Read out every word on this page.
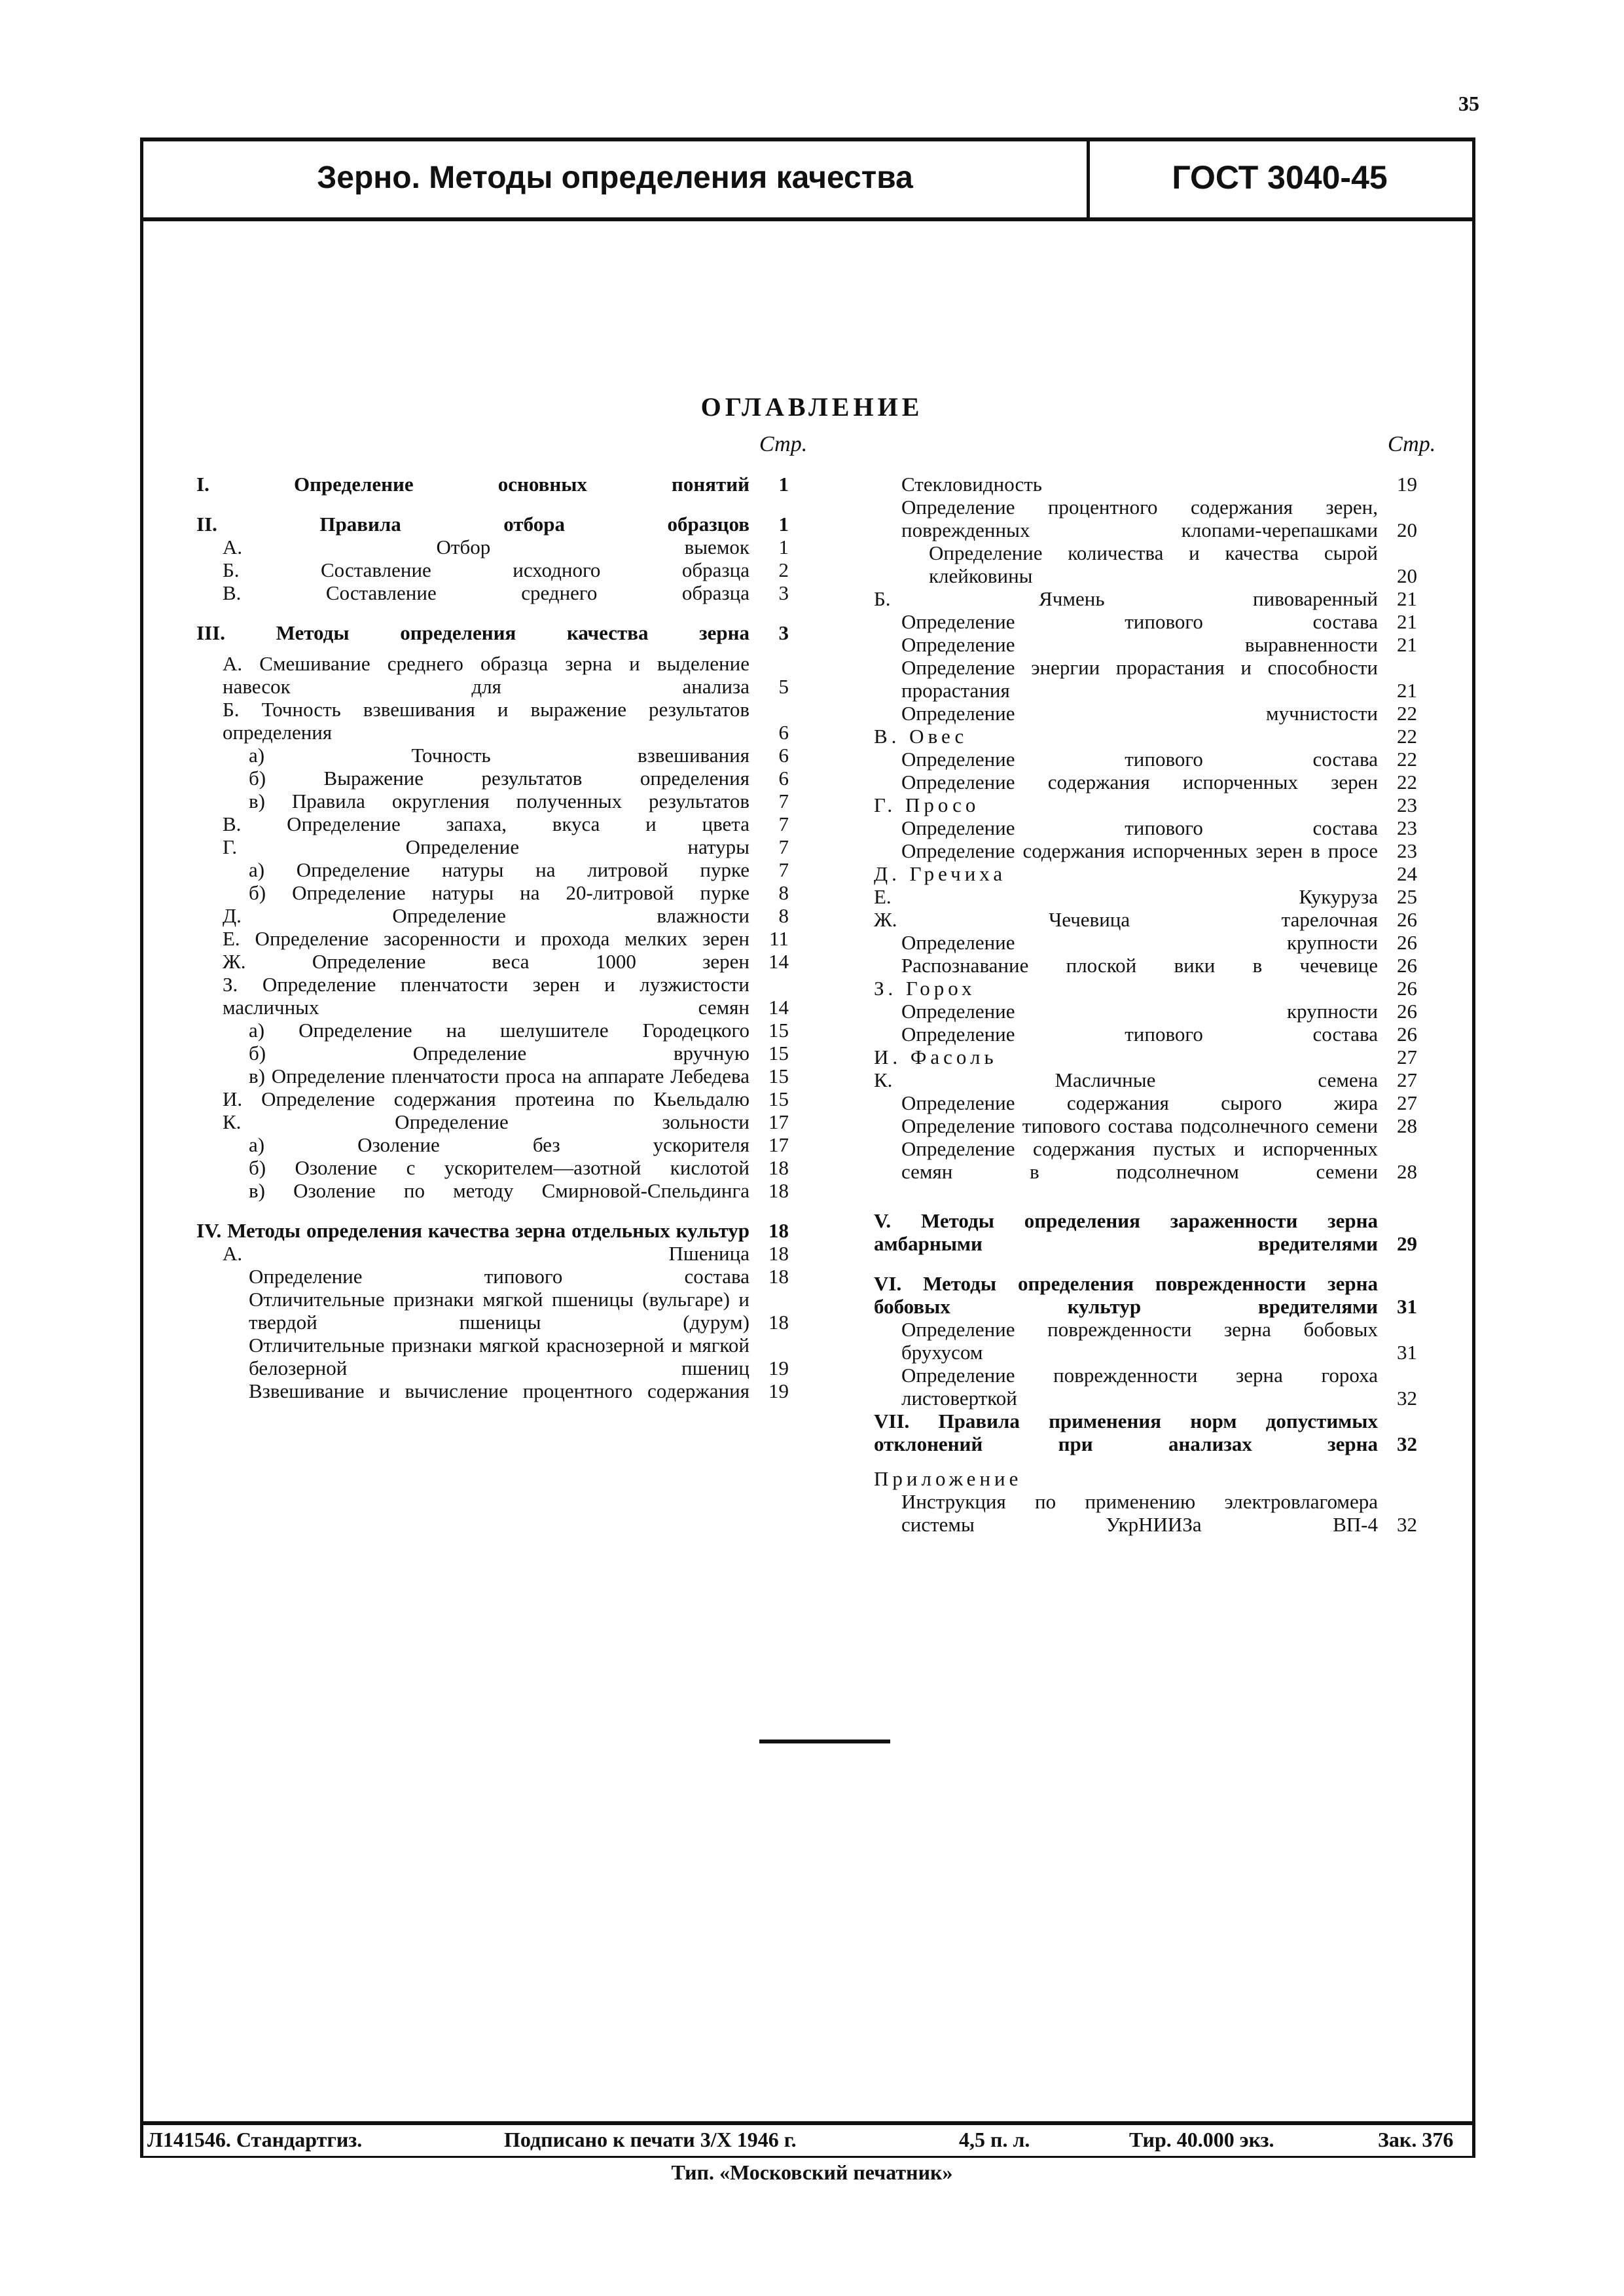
35
Зерно. Методы определения качества	ГОСТ 3040-45
ОГЛАВЛЕНИЕ
Стр.	Стр.
I. Определение основных понятий	1
II. Правила отбора образцов	1
А. Отбор выемок	1
Б. Составление исходного образца	2
В. Составление среднего образца	3
III. Методы определения качества зерна	3
А. Смешивание среднего образца зерна и выделение навесок для анализа	5
Б. Точность взвешивания и выражение результатов определения	6
а) Точность взвешивания	6
б) Выражение результатов определения	6
в) Правила округления полученных результатов	7
В. Определение запаха, вкуса и цвета	7
Г. Определение натуры	7
а) Определение натуры на литровой пурке	7
б) Определение натуры на 20-литровой пурке	8
Д. Определение влажности	8
Е. Определение засоренности и прохода мелких зерен 11
Ж. Определение веса 1000 зерен 14
З. Определение пленчатости зерен и лузжистости масличных семян 14
а) Определение на шелушителе Городецкого 15
б) Определение вручную 15
в) Определение пленчатости проса на аппарате Лебедева 15
И. Определение содержания протеина по Кьельдалю 15
К. Определение зольности 17
а) Озоление без ускорителя 17
б) Озоление с ускорителем—азотной кислотой 18
в) Озоление по методу Смирновой-Спельдинга 18
IV. Методы определения качества зерна отдельных культур 18
А. Пшеница 18
Определение типового состава 18
Отличительные признаки мягкой пшеницы (вульгаре) и твердой пшеницы (дурум) 18
Отличительные признаки мягкой краснозерной и мягкой белозерной пшениц 19
Взвешивание и вычисление процентного содержания 19
Стекловидность	19
Определение процентного содержания зерен, поврежденных клопами-черепашками 20
Определение количества и качества сырой клейковины	20
Б. Ячмень пивоваренный 21
Определение типового состава 21
Определение выравненности 21
Определение энергии прорастания и способности прорастания	21
Определение мучнистости 22
В. Овес	22
Определение типового состава 22
Определение содержания испорченных зерен 22
Г. Просо	23
Определение типового состава 23
Определение содержания испорченных зерен в просе 23
Д. Гречиха	24
Е. Кукуруза 25
Ж. Чечевица тарелочная 26
Определение крупности 26
Распознавание плоской вики в чечевице 26
З. Горох	26
Определение крупности 26
Определение типового состава 26
И. Фасоль	27
К. Масличные семена 27
Определение содержания сырого жира 27
Определение типового состава подсолнечного семени 28
Определение содержания пустых и испорченных семян в подсолнечном семени 28
V. Методы определения зараженности зерна амбарными вредителями 29
VI. Методы определения поврежденности зерна бобовых культур вредителями 31
Определение поврежденности зерна бобовых брухусом	31
Определение поврежденности зерна гороха листоверткой	32
VII. Правила применения норм допустимых отклонений при анализах зерна 32
Приложение
Инструкция по применению электровлагомера системы УкрНИИЗа ВП-4 32
Л141546. Стандартгиз.	Подписано к печати 3/X 1946 г.	4,5 п. л.	Тир. 40.000 экз.	Зак. 376
Тип. «Московский печатник»
